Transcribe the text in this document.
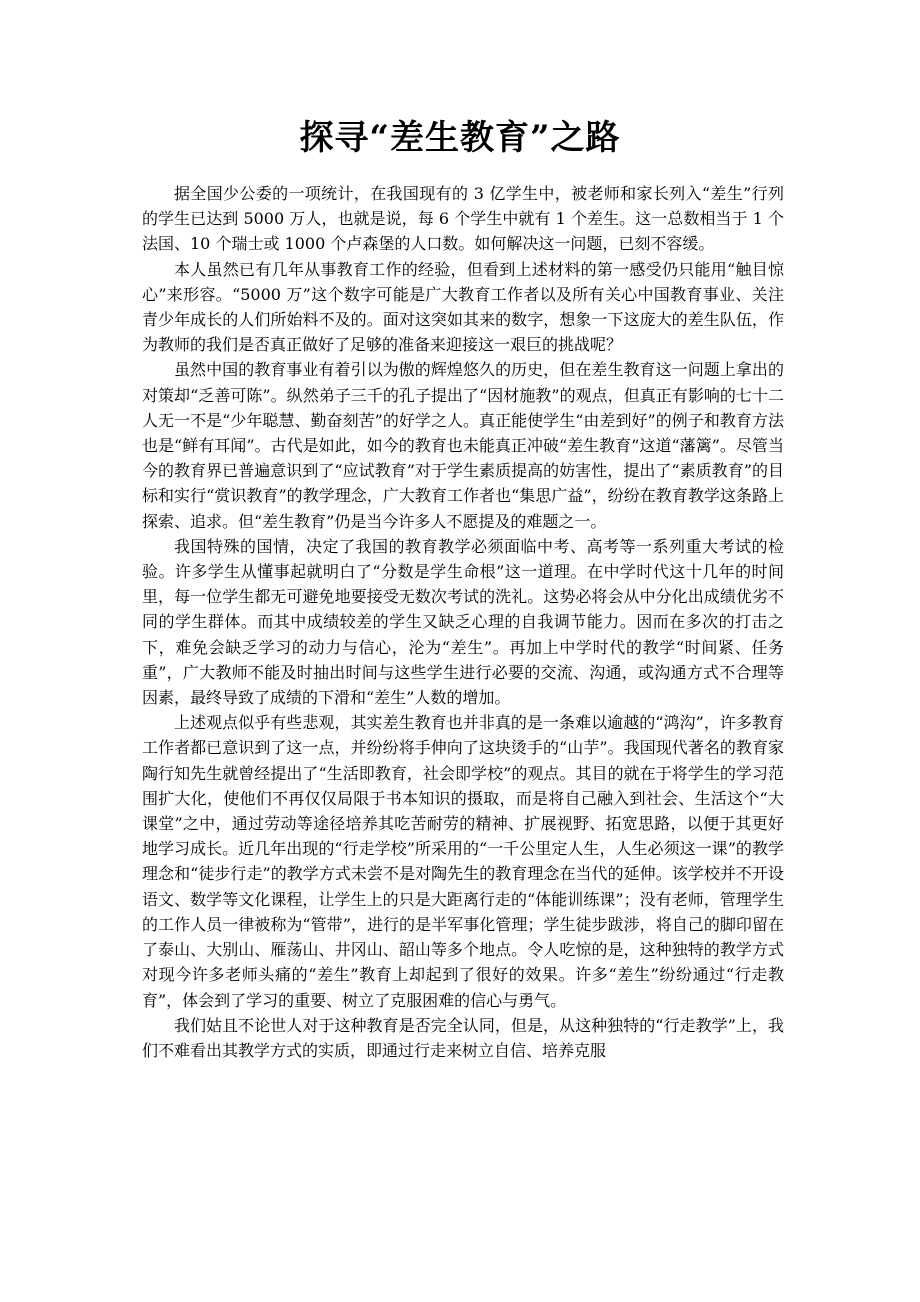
探寻“差生教育”之路

据全国少公委的一项统计，在我国现有的 3 亿学生中，被老师和家长列入“差生”行列的学生已达到 5000 万人，也就是说，每 6 个学生中就有 1 个差生。这一总数相当于 1 个法国、10 个瑞士或 1000 个卢森堡的人口数。如何解决这一问题，已刻不容缓。

本人虽然已有几年从事教育工作的经验，但看到上述材料的第一感受仍只能用“触目惊心”来形容。“5000 万”这个数字可能是广大教育工作者以及所有关心中国教育事业、关注青少年成长的人们所始料不及的。面对这突如其来的数字，想象一下这庞大的差生队伍，作为教师的我们是否真正做好了足够的准备来迎接这一艰巨的挑战呢？

虽然中国的教育事业有着引以为傲的辉煌悠久的历史，但在差生教育这一问题上拿出的对策却“乏善可陈”。纵然弟子三千的孔子提出了“因材施教”的观点，但真正有影响的七十二人无一不是“少年聪慧、勤奋刻苦”的好学之人。真正能使学生“由差到好”的例子和教育方法也是“鲜有耳闻”。古代是如此，如今的教育也未能真正冲破“差生教育”这道“藩篱”。尽管当今的教育界已普遍意识到了“应试教育”对于学生素质提高的妨害性，提出了“素质教育”的目标和实行“赏识教育”的教学理念，广大教育工作者也“集思广益”，纷纷在教育教学这条路上探索、追求。但“差生教育”仍是当今许多人不愿提及的难题之一。

我国特殊的国情，决定了我国的教育教学必须面临中考、高考等一系列重大考试的检验。许多学生从懂事起就明白了“分数是学生命根”这一道理。在中学时代这十几年的时间里，每一位学生都无可避免地要接受无数次考试的洗礼。这势必将会从中分化出成绩优劣不同的学生群体。而其中成绩较差的学生又缺乏心理的自我调节能力。因而在多次的打击之下，难免会缺乏学习的动力与信心，沦为“差生”。再加上中学时代的教学“时间紧、任务重”，广大教师不能及时抽出时间与这些学生进行必要的交流、沟通，或沟通方式不合理等因素，最终导致了成绩的下滑和“差生”人数的增加。

上述观点似乎有些悲观，其实差生教育也并非真的是一条难以逾越的“鸿沟”，许多教育工作者都已意识到了这一点，并纷纷将手伸向了这块烫手的“山芋”。我国现代著名的教育家陶行知先生就曾经提出了“生活即教育，社会即学校”的观点。其目的就在于将学生的学习范围扩大化，使他们不再仅仅局限于书本知识的摄取，而是将自己融入到社会、生活这个“大课堂”之中，通过劳动等途径培养其吃苦耐劳的精神、扩展视野、拓宽思路，以便于其更好地学习成长。近几年出现的“行走学校”所采用的“一千公里定人生，人生必须这一课”的教学理念和“徒步行走”的教学方式未尝不是对陶先生的教育理念在当代的延伸。该学校并不开设语文、数学等文化课程，让学生上的只是大距离行走的“体能训练课”；没有老师，管理学生的工作人员一律被称为“管带”，进行的是半军事化管理；学生徒步跋涉，将自己的脚印留在了泰山、大别山、雁荡山、井冈山、韶山等多个地点。令人吃惊的是，这种独特的教学方式对现今许多老师头痛的“差生”教育上却起到了很好的效果。许多“差生”纷纷通过“行走教育”，体会到了学习的重要、树立了克服困难的信心与勇气。

我们姑且不论世人对于这种教育是否完全认同，但是，从这种独特的“行走教学”上，我们不难看出其教学方式的实质，即通过行走来树立自信、培养克服
